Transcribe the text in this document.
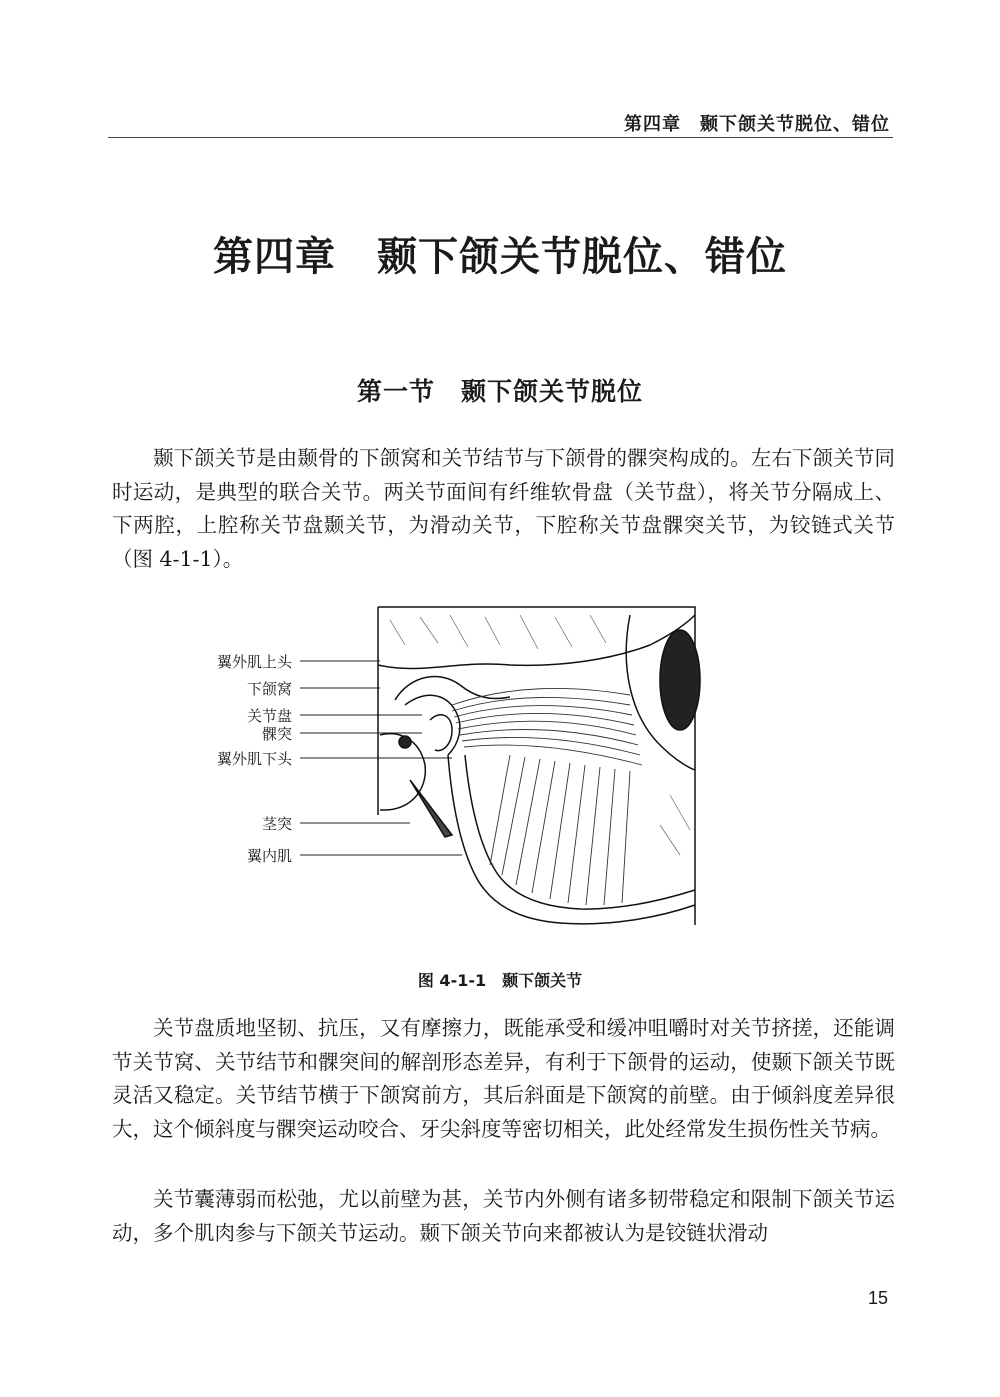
第四章　颞下颌关节脱位、错位
第四章　颞下颌关节脱位、错位
第一节　颞下颌关节脱位

颞下颌关节是由颞骨的下颌窝和关节结节与下颌骨的髁突构成的。左右下颌关节同时运动，是典型的联合关节。两关节面间有纤维软骨盘（关节盘），将关节分隔成上、下两腔，上腔称关节盘颞关节，为滑动关节，下腔称关节盘髁突关节，为铰链式关节（图 4-1-1）。

翼外肌上头
下颌窝
关节盘
髁突
翼外肌下头
茎突
翼内肌
图 4-1-1　颞下颌关节

关节盘质地坚韧、抗压，又有摩擦力，既能承受和缓冲咀嚼时对关节挤搓，还能调节关节窝、关节结节和髁突间的解剖形态差异，有利于下颌骨的运动，使颞下颌关节既灵活又稳定。关节结节横于下颌窝前方，其后斜面是下颌窝的前壁。由于倾斜度差异很大，这个倾斜度与髁突运动咬合、牙尖斜度等密切相关，此处经常发生损伤性关节病。

关节囊薄弱而松弛，尤以前壁为甚，关节内外侧有诸多韧带稳定和限制下颌关节运动，多个肌肉参与下颌关节运动。颞下颌关节向来都被认为是铰链状滑动

15
